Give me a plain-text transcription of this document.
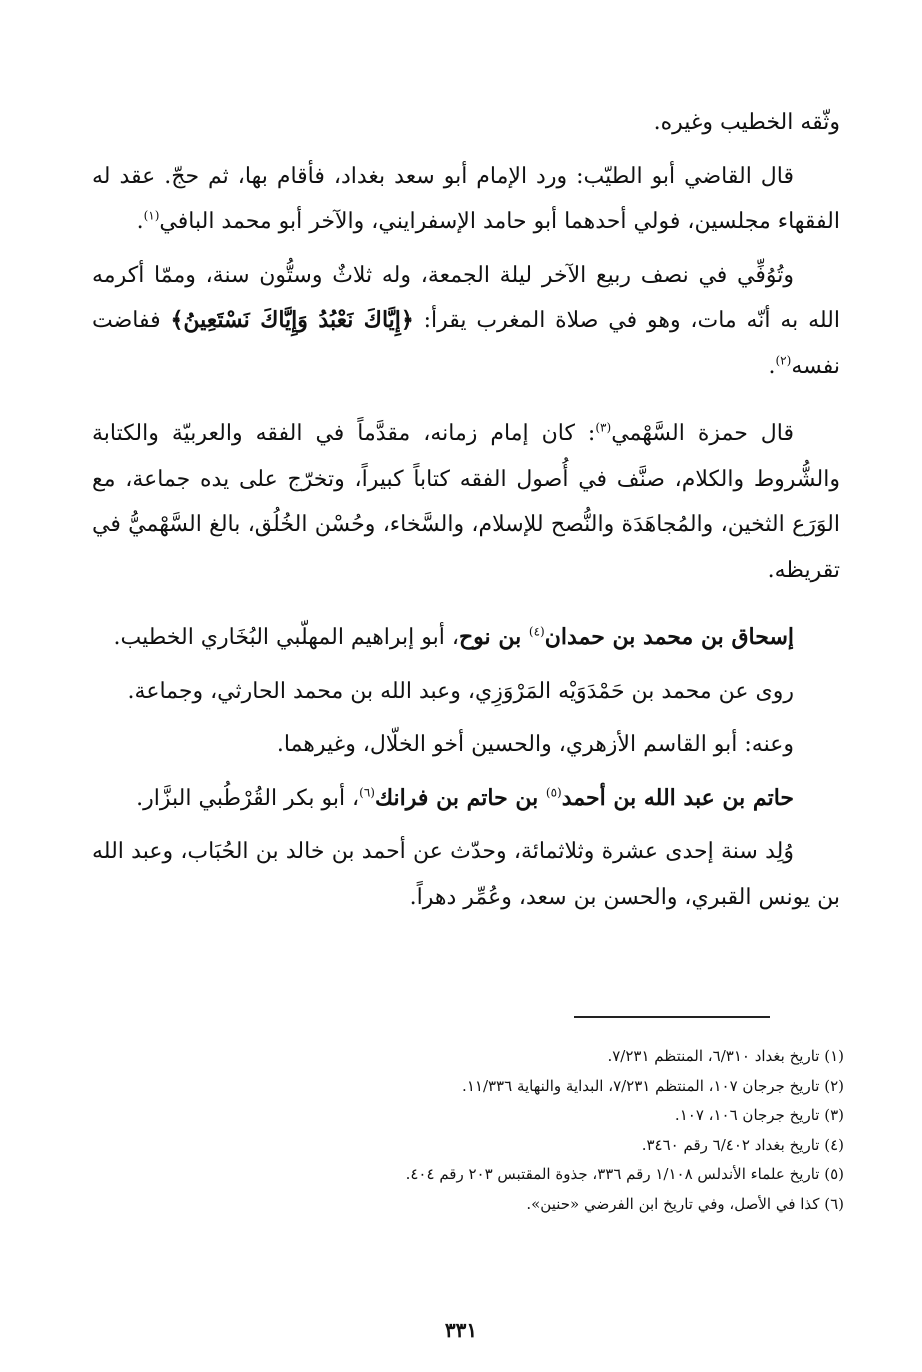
وثّقه الخطيب وغيره.

قال القاضي أبو الطيّب: ورد الإمام أبو سعد بغداد، فأقام بها، ثم حجّ. عقد له الفقهاء مجلسين، فولي أحدهما أبو حامد الإسفرايني، والآخر أبو محمد البافي$^{(١)}$.

وتُوُفِّي في نصف ربيع الآخر ليلة الجمعة، وله ثلاثٌ وستُّون سنة، وممّا أكرمه الله به أنّه مات، وهو في صلاة المغرب يقرأ: ﴿إِيَّاكَ نَعْبُدُ وَإِيَّاكَ نَسْتَعِينُ﴾ ففاضت نفسه$^{(٢)}$.

قال حمزة السَّهْمي$^{(٣)}$: كان إمام زمانه، مقدَّماً في الفقه والعربيّة والكتابة والشُّروط والكلام، صنَّف في أُصول الفقه كتاباً كبيراً، وتخرّج على يده جماعة، مع الوَرَع الثخين، والمُجاهَدَة والنُّصح للإسلام، والسَّخاء، وحُسْن الخُلُق، بالغ السَّهْميُّ في تقريظه.

إسحاق بن محمد بن حمدان$^{(٤)}$ بن نوح، أبو إبراهيم المهلّبي البُخَاري الخطيب.

روى عن محمد بن حَمْدَوَيْه المَرْوَزِي، وعبد الله بن محمد الحارثي، وجماعة.

وعنه: أبو القاسم الأزهري، والحسين أخو الخلّال، وغيرهما.

حاتم بن عبد الله بن أحمد$^{(٥)}$ بن حاتم بن فرانك$^{(٦)}$، أبو بكر القُرْطُبي البزَّار.

وُلِد سنة إحدى عشرة وثلاثمائة، وحدّث عن أحمد بن خالد بن الحُبَاب، وعبد الله بن يونس القبري، والحسن بن سعد، وعُمِّر دهراً.

(١) تاريخ بغداد ٦/٣١٠، المنتظم ٧/٢٣١.
(٢) تاريخ جرجان ١٠٧، المنتظم ٧/٢٣١، البداية والنهاية ١١/٣٣٦.
(٣) تاريخ جرجان ١٠٦، ١٠٧.
(٤) تاريخ بغداد ٦/٤٠٢ رقم ٣٤٦٠.
(٥) تاريخ علماء الأندلس ١/١٠٨ رقم ٣٣٦، جذوة المقتبس ٢٠٣ رقم ٤٠٤.
(٦) كذا في الأصل، وفي تاريخ ابن الفرضي «حنين».
٣٣١
